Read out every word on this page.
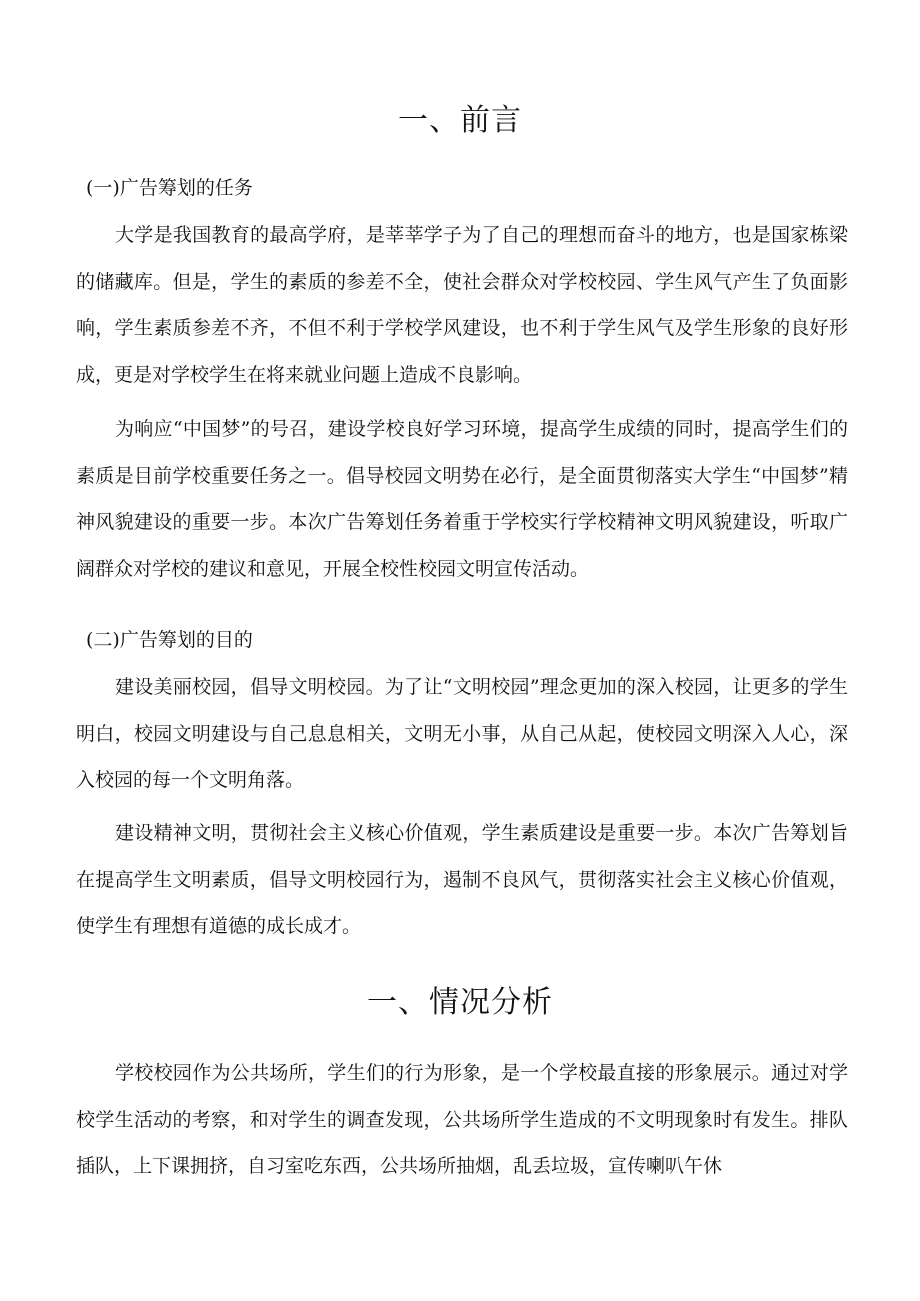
一、前言
(一)广告筹划的任务

大学是我国教育的最高学府，是莘莘学子为了自己的理想而奋斗的地方，也是国家栋梁的储藏库。但是，学生的素质的参差不全，使社会群众对学校校园、学生风气产生了负面影响，学生素质参差不齐，不但不利于学校学风建设，也不利于学生风气及学生形象的良好形成，更是对学校学生在将来就业问题上造成不良影响。

为响应“中国梦”的号召，建设学校良好学习环境，提高学生成绩的同时，提高学生们的素质是目前学校重要任务之一。倡导校园文明势在必行，是全面贯彻落实大学生“中国梦”精神风貌建设的重要一步。本次广告筹划任务着重于学校实行学校精神文明风貌建设，听取广阔群众对学校的建议和意见，开展全校性校园文明宣传活动。

(二)广告筹划的目的

建设美丽校园，倡导文明校园。为了让“文明校园”理念更加的深入校园，让更多的学生明白，校园文明建设与自己息息相关，文明无小事，从自己从起，使校园文明深入人心，深入校园的每一个文明角落。

建设精神文明，贯彻社会主义核心价值观，学生素质建设是重要一步。本次广告筹划旨在提高学生文明素质，倡导文明校园行为，遏制不良风气，贯彻落实社会主义核心价值观，使学生有理想有道德的成长成才。

一、情况分析

学校校园作为公共场所，学生们的行为形象，是一个学校最直接的形象展示。通过对学校学生活动的考察，和对学生的调查发现，公共场所学生造成的不文明现象时有发生。排队插队，上下课拥挤，自习室吃东西，公共场所抽烟，乱丢垃圾，宣传喇叭午休
